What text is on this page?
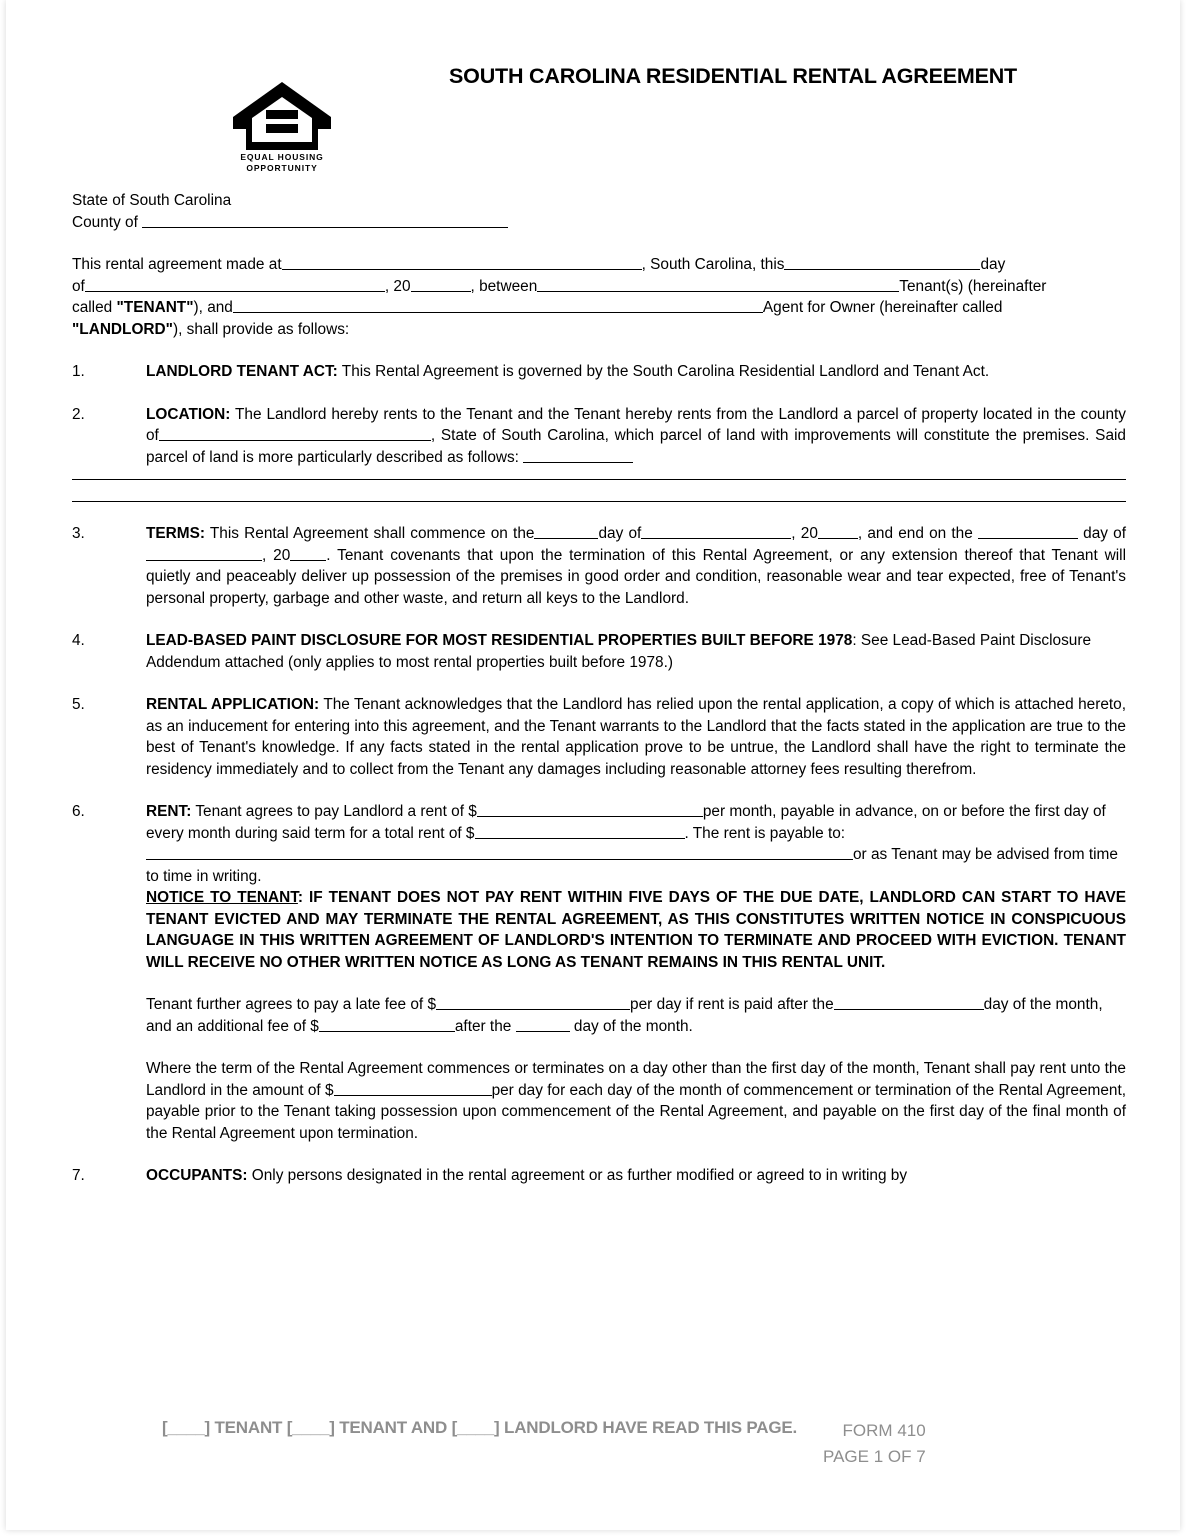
EQUAL HOUSING
OPPORTUNITY
SOUTH CAROLINA RESIDENTIAL RENTAL AGREEMENT

State of South Carolina

County of

This rental agreement made at	, South Carolina, this	day

of	, 20	, between	Tenant(s) (hereinafter

called "TENANT"), and	Agent for Owner (hereinafter called

"LANDLORD"), shall provide as follows:

1.	LANDLORD TENANT ACT: This Rental Agreement is governed by the South Carolina Residential Landlord and Tenant Act.
2.	LOCATION: The Landlord hereby rents to the Tenant and the Tenant hereby rents from the Landlord a parcel of property located in the county of	, State of South Carolina, which parcel of land with improvements will constitute the premises. Said parcel of land is more particularly described as follows:
3.	TERMS: This Rental Agreement shall commence on the	day of	, 20	, and end on the	day of, 20 . Tenant covenants that upon the termination of this Rental Agreement, or any extension thereof that Tenant will quietly and peaceably deliver up possession of the premises in good order and condition, reasonable wear and tear expected, free of Tenant's personal property, garbage and other waste, and return all keys to the Landlord.
4.	LEAD-BASED PAINT DISCLOSURE FOR MOST RESIDENTIAL PROPERTIES BUILT BEFORE 1978: See Lead-Based Paint Disclosure Addendum attached (only applies to most rental properties built before 1978.)
5.	RENTAL APPLICATION: The Tenant acknowledges that the Landlord has relied upon the rental application, a copy of which is attached hereto, as an inducement for entering into this agreement, and the Tenant warrants to the Landlord that the facts stated in the application are true to the best of Tenant's knowledge. If any facts stated in the rental application prove to be untrue, the Landlord shall have the right to terminate the residency immediately and to collect from the Tenant any damages including reasonable attorney fees resulting therefrom.
6.	RENT: Tenant agrees to pay Landlord a rent of $	per month, payable in advance, on or before the first day of every month during said term for a total rent of $	. The rent is payable to:or as Tenant may be advised from time to time in writing.

NOTICE TO TENANT: IF TENANT DOES NOT PAY RENT WITHIN FIVE DAYS OF THE DUE DATE, LANDLORD CAN START TO HAVE TENANT EVICTED AND MAY TERMINATE THE RENTAL AGREEMENT, AS THIS CONSTITUTES WRITTEN NOTICE IN CONSPICUOUS LANGUAGE IN THIS WRITTEN AGREEMENT OF LANDLORD'S INTENTION TO TERMINATE AND PROCEED WITH EVICTION. TENANT WILL RECEIVE NO OTHER WRITTEN NOTICE AS LONG AS TENANT REMAINS IN THIS RENTAL UNIT.

Tenant further agrees to pay a late fee of $	per day if rent is paid after the	day of the month, and an additional fee of $	after the	day of the month.

Where the term of the Rental Agreement commences or terminates on a day other than the first day of the month, Tenant shall pay rent unto the Landlord in the amount of $	per day for each day of the month of commencement or termination of the Rental Agreement, payable prior to the Tenant taking possession upon commencement of the Rental Agreement, and payable on the first day of the final month of the Rental Agreement upon termination.

7.	OCCUPANTS: Only persons designated in the rental agreement or as further modified or agreed to in writing by
[____] TENANT [____] TENANT AND [____] LANDLORD HAVE READ THIS PAGE.	FORM 410
PAGE 1 OF 7
